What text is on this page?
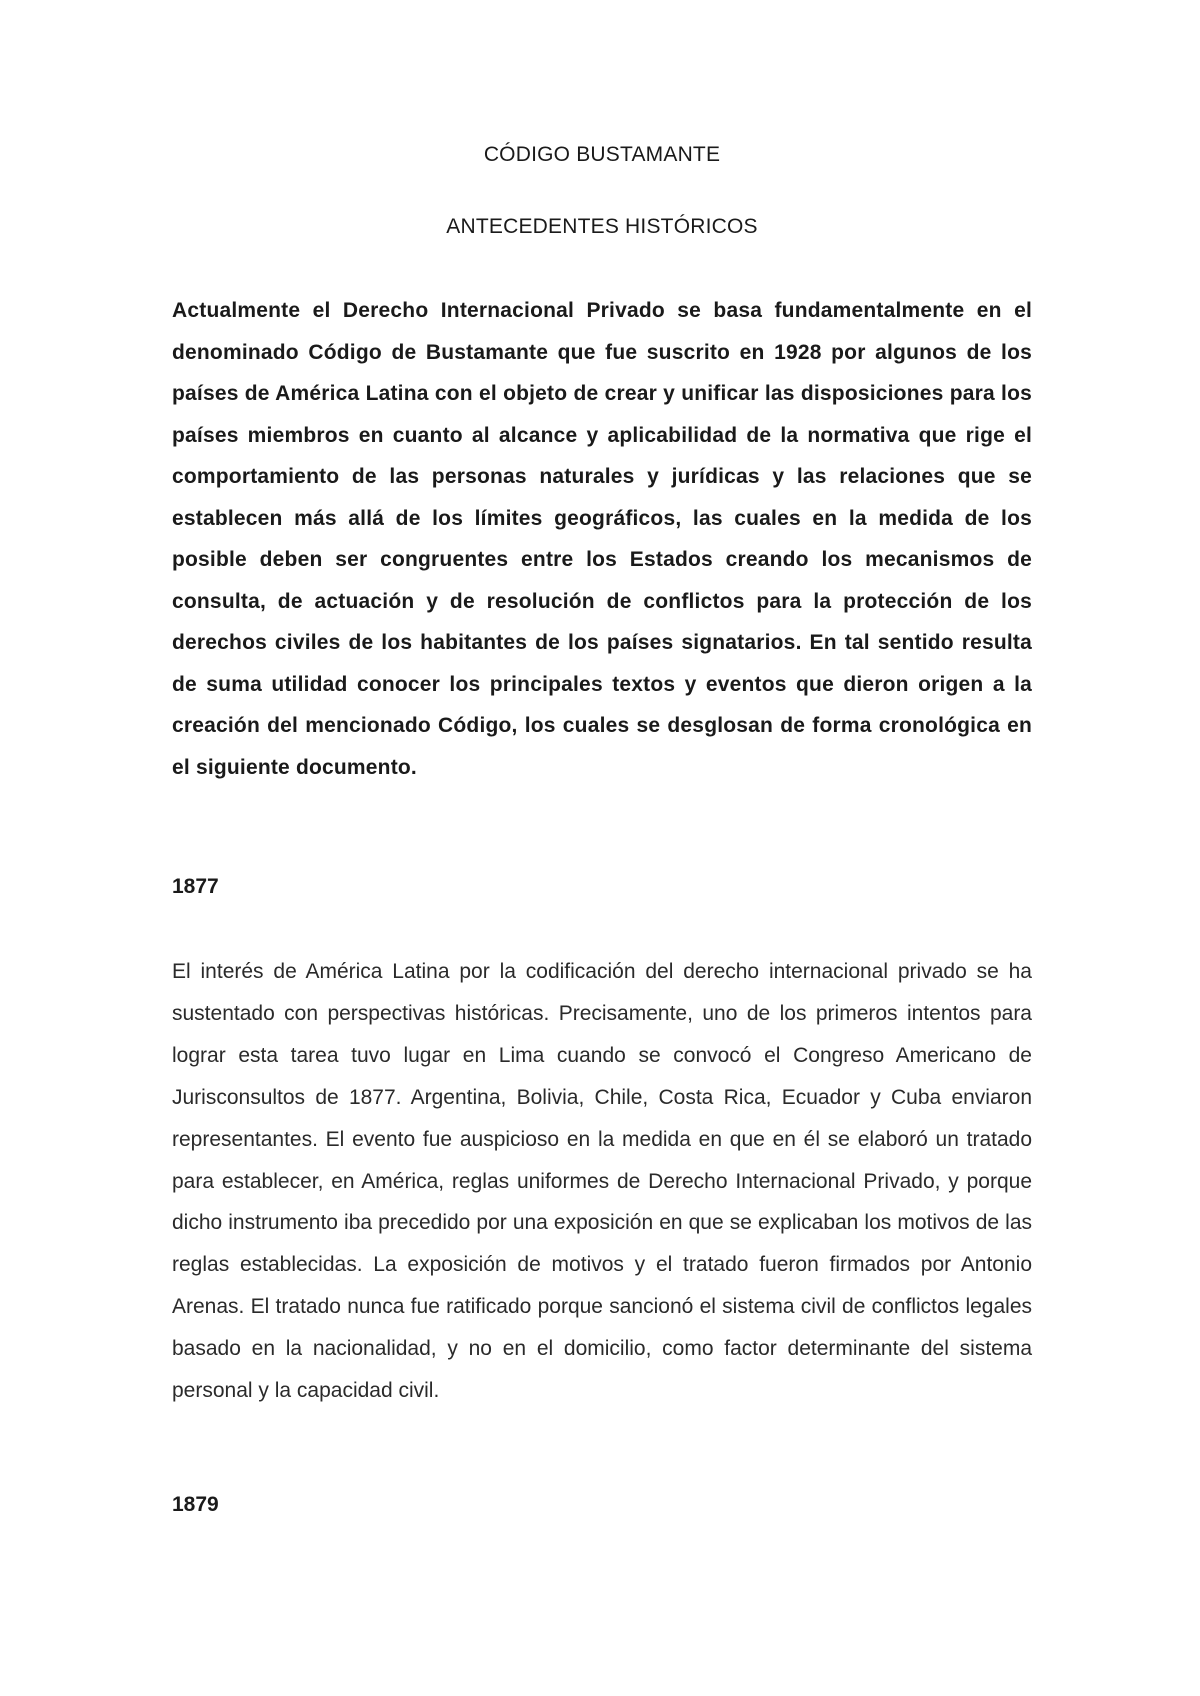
CÓDIGO BUSTAMANTE
ANTECEDENTES HISTÓRICOS

Actualmente el Derecho Internacional Privado se basa fundamentalmente en el denominado Código de Bustamante que fue suscrito en 1928 por algunos de los países de América Latina con el objeto de crear y unificar las disposiciones para los países miembros en cuanto al alcance y aplicabilidad de la normativa que rige el comportamiento de las personas naturales y jurídicas y las relaciones que se establecen más allá de los límites geográficos, las cuales en la medida de los posible deben ser congruentes entre los Estados creando los mecanismos de consulta, de actuación y de resolución de conflictos para la protección de los derechos civiles de los habitantes de los países signatarios. En tal sentido resulta de suma utilidad conocer los principales textos y eventos que dieron origen a la creación del mencionado Código, los cuales se desglosan de forma cronológica en el siguiente documento.

1877

El interés de América Latina por la codificación del derecho internacional privado se ha sustentado con perspectivas históricas. Precisamente, uno de los primeros intentos para lograr esta tarea tuvo lugar en Lima cuando se convocó el Congreso Americano de Jurisconsultos de 1877. Argentina, Bolivia, Chile, Costa Rica, Ecuador y Cuba enviaron representantes. El evento fue auspicioso en la medida en que en él se elaboró un tratado para establecer, en América, reglas uniformes de Derecho Internacional Privado, y porque dicho instrumento iba precedido por una exposición en que se explicaban los motivos de las reglas establecidas. La exposición de motivos y el tratado fueron firmados por Antonio Arenas. El tratado nunca fue ratificado porque sancionó el sistema civil de conflictos legales basado en la nacionalidad, y no en el domicilio, como factor determinante del sistema personal y la capacidad civil.

1879
